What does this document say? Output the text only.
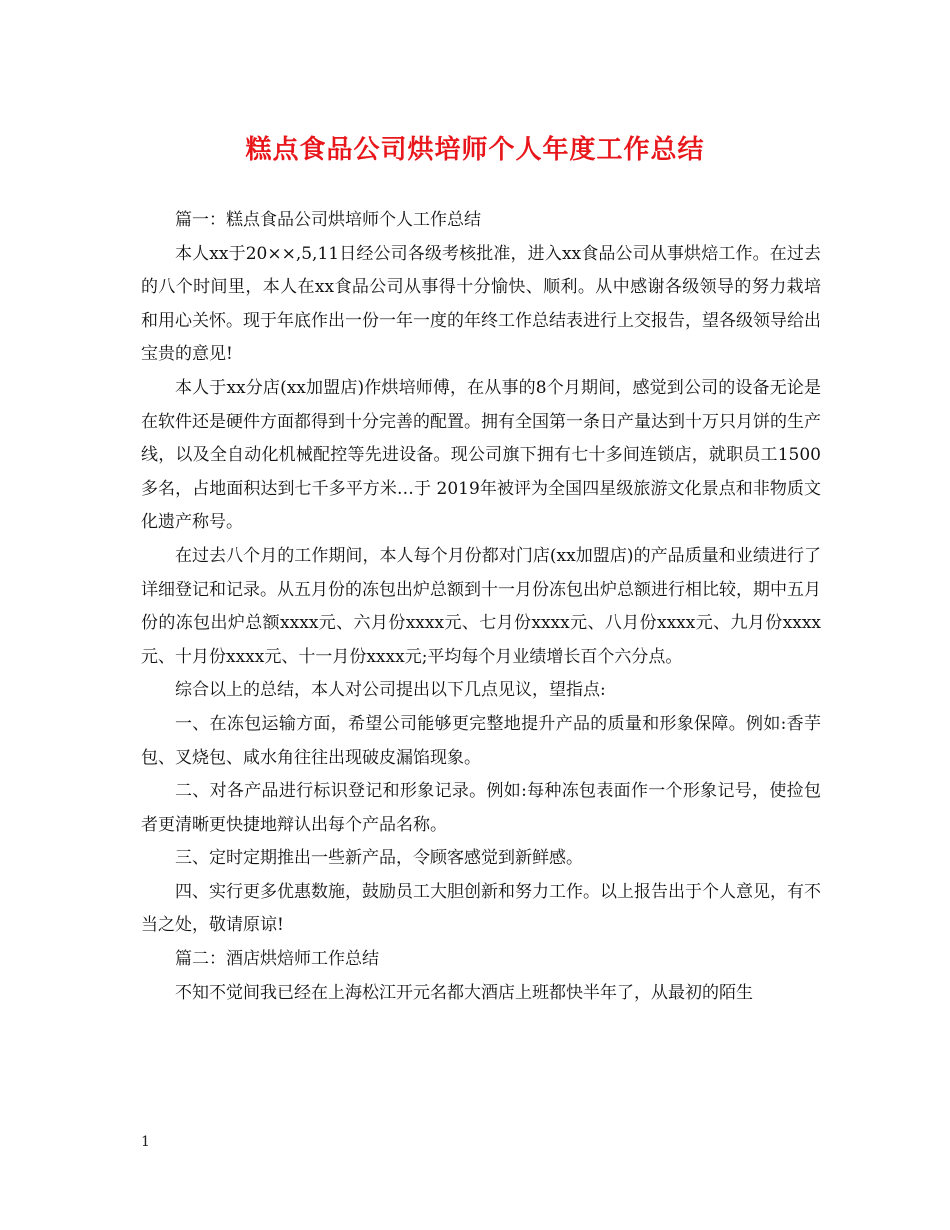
糕点食品公司烘培师个人年度工作总结

篇一：糕点食品公司烘培师个人工作总结

本人xx于20××,5,11日经公司各级考核批准，进入xx食品公司从事烘焙工作。在过去的八个时间里，本人在xx食品公司从事得十分愉快、顺利。从中感谢各级领导的努力栽培和用心关怀。现于年底作出一份一年一度的年终工作总结表进行上交报告，望各级领导给出宝贵的意见!

本人于xx分店(xx加盟店)作烘培师傅，在从事的8个月期间，感觉到公司的设备无论是在软件还是硬件方面都得到十分完善的配置。拥有全国第一条日产量达到十万只月饼的生产线，以及全自动化机械配控等先进设备。现公司旗下拥有七十多间连锁店，就职员工1500多名，占地面积达到七千多平方米…于 2019年被评为全国四星级旅游文化景点和非物质文化遗产称号。

在过去八个月的工作期间，本人每个月份都对门店(xx加盟店)的产品质量和业绩进行了详细登记和记录。从五月份的冻包出炉总额到十一月份冻包出炉总额进行相比较，期中五月份的冻包出炉总额xxxx元、六月份xxxx元、七月份xxxx元、八月份xxxx元、九月份xxxx元、十月份xxxx元、十一月份xxxx元;平均每个月业绩增长百个六分点。

综合以上的总结，本人对公司提出以下几点见议，望指点:

一、在冻包运输方面，希望公司能够更完整地提升产品的质量和形象保障。例如:香芋包、叉烧包、咸水角往往出现破皮漏馅现象。

二、对各产品进行标识登记和形象记录。例如:每种冻包表面作一个形象记号，使捡包者更清晰更快捷地辩认出每个产品名称。

三、定时定期推出一些新产品，令顾客感觉到新鲜感。

四、实行更多优惠数施，鼓励员工大胆创新和努力工作。以上报告出于个人意见，有不当之处，敬请原谅!

篇二：酒店烘焙师工作总结

不知不觉间我已经在上海松江开元名都大酒店上班都快半年了，从最初的陌生

1
